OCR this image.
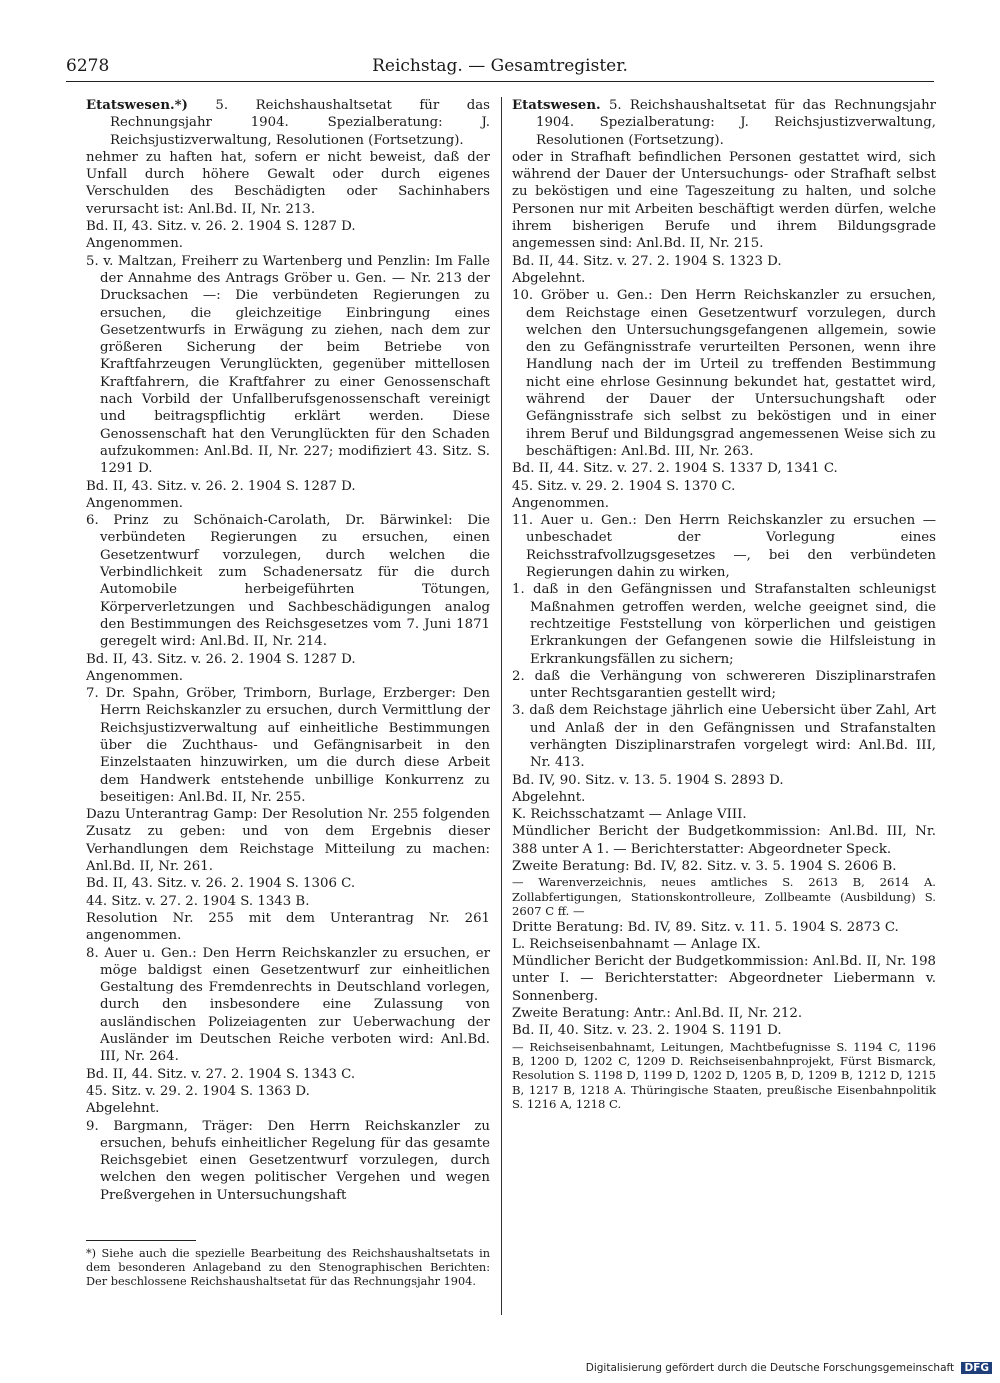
6278	Reichstag. — Gesamtregister.

Etatswesen.*) 5. Reichshaushaltsetat für das Rechnungsjahr 1904. Spezialberatung: J. Reichsjustizverwaltung, Resolutionen (Fortsetzung).

nehmer zu haften hat, sofern er nicht beweist, daß der Unfall durch höhere Gewalt oder durch eigenes Verschulden des Beschädigten oder Sachinhabers verursacht ist: Anl.Bd. II, Nr. 213.

Bd. II, 43. Sitz. v. 26. 2. 1904 S. 1287 D.

Angenommen.

5. v. Maltzan, Freiherr zu Wartenberg und Penzlin: Im Falle der Annahme des Antrags Gröber u. Gen. — Nr. 213 der Drucksachen —: Die verbündeten Regierungen zu ersuchen, die gleichzeitige Einbringung eines Gesetzentwurfs in Erwägung zu ziehen, nach dem zur größeren Sicherung der beim Betriebe von Kraftfahrzeugen Verunglückten, gegenüber mittellosen Kraftfahrern, die Kraftfahrer zu einer Genossenschaft nach Vorbild der Unfallberufsgenossenschaft vereinigt und beitragspflichtig erklärt werden. Diese Genossenschaft hat den Verunglückten für den Schaden aufzukommen: Anl.Bd. II, Nr. 227; modifiziert 43. Sitz. S. 1291 D.

Bd. II, 43. Sitz. v. 26. 2. 1904 S. 1287 D.

Angenommen.

6. Prinz zu Schönaich-Carolath, Dr. Bärwinkel: Die verbündeten Regierungen zu ersuchen, einen Gesetzentwurf vorzulegen, durch welchen die Verbindlichkeit zum Schadenersatz für die durch Automobile herbeigeführten Tötungen, Körperverletzungen und Sachbeschädigungen analog den Bestimmungen des Reichsgesetzes vom 7. Juni 1871 geregelt wird: Anl.Bd. II, Nr. 214.

Bd. II, 43. Sitz. v. 26. 2. 1904 S. 1287 D.

Angenommen.

7. Dr. Spahn, Gröber, Trimborn, Burlage, Erzberger: Den Herrn Reichskanzler zu ersuchen, durch Vermittlung der Reichsjustizverwaltung auf einheitliche Bestimmungen über die Zuchthaus- und Gefängnisarbeit in den Einzelstaaten hinzuwirken, um die durch diese Arbeit dem Handwerk entstehende unbillige Konkurrenz zu beseitigen: Anl.Bd. II, Nr. 255.

Dazu Unterantrag Gamp: Der Resolution Nr. 255 folgenden Zusatz zu geben: und von dem Ergebnis dieser Verhandlungen dem Reichstage Mitteilung zu machen: Anl.Bd. II, Nr. 261.

Bd. II, 43. Sitz. v. 26. 2. 1904 S. 1306 C.

44. Sitz. v. 27. 2. 1904 S. 1343 B.

Resolution Nr. 255 mit dem Unterantrag Nr. 261 angenommen.

8. Auer u. Gen.: Den Herrn Reichskanzler zu ersuchen, er möge baldigst einen Gesetzentwurf zur einheitlichen Gestaltung des Fremdenrechts in Deutschland vorlegen, durch den insbesondere eine Zulassung von ausländischen Polizeiagenten zur Ueberwachung der Ausländer im Deutschen Reiche verboten wird: Anl.Bd. III, Nr. 264.

Bd. II, 44. Sitz. v. 27. 2. 1904 S. 1343 C.

45. Sitz. v. 29. 2. 1904 S. 1363 D.

Abgelehnt.

9. Bargmann, Träger: Den Herrn Reichskanzler zu ersuchen, behufs einheitlicher Regelung für das gesamte Reichsgebiet einen Gesetzentwurf vorzulegen, durch welchen den wegen politischer Vergehen und wegen Preßvergehen in Untersuchungshaft

Etatswesen. 5. Reichshaushaltsetat für das Rechnungsjahr 1904. Spezialberatung: J. Reichsjustizverwaltung, Resolutionen (Fortsetzung).

oder in Strafhaft befindlichen Personen gestattet wird, sich während der Dauer der Untersuchungs- oder Strafhaft selbst zu beköstigen und eine Tageszeitung zu halten, und solche Personen nur mit Arbeiten beschäftigt werden dürfen, welche ihrem bisherigen Berufe und ihrem Bildungsgrade angemessen sind: Anl.Bd. II, Nr. 215.

Bd. II, 44. Sitz. v. 27. 2. 1904 S. 1323 D.

Abgelehnt.

10. Gröber u. Gen.: Den Herrn Reichskanzler zu ersuchen, dem Reichstage einen Gesetzentwurf vorzulegen, durch welchen den Untersuchungsgefangenen allgemein, sowie den zu Gefängnisstrafe verurteilten Personen, wenn ihre Handlung nach der im Urteil zu treffenden Bestimmung nicht eine ehrlose Gesinnung bekundet hat, gestattet wird, während der Dauer der Untersuchungshaft oder Gefängnisstrafe sich selbst zu beköstigen und in einer ihrem Beruf und Bildungsgrad angemessenen Weise sich zu beschäftigen: Anl.Bd. III, Nr. 263.

Bd. II, 44. Sitz. v. 27. 2. 1904 S. 1337 D, 1341 C.

45. Sitz. v. 29. 2. 1904 S. 1370 C.

Angenommen.

11. Auer u. Gen.: Den Herrn Reichskanzler zu ersuchen — unbeschadet der Vorlegung eines Reichsstrafvollzugsgesetzes —, bei den verbündeten Regierungen dahin zu wirken,

1. daß in den Gefängnissen und Strafanstalten schleunigst Maßnahmen getroffen werden, welche geeignet sind, die rechtzeitige Feststellung von körperlichen und geistigen Erkrankungen der Gefangenen sowie die Hilfsleistung in Erkrankungsfällen zu sichern;

2. daß die Verhängung von schwereren Disziplinarstrafen unter Rechtsgarantien gestellt wird;

3. daß dem Reichstage jährlich eine Uebersicht über Zahl, Art und Anlaß der in den Gefängnissen und Strafanstalten verhängten Disziplinarstrafen vorgelegt wird: Anl.Bd. III, Nr. 413.

Bd. IV, 90. Sitz. v. 13. 5. 1904 S. 2893 D.

Abgelehnt.

K. Reichsschatzamt — Anlage VIII.

Mündlicher Bericht der Budgetkommission: Anl.Bd. III, Nr. 388 unter A 1. — Berichterstatter: Abgeordneter Speck.

Zweite Beratung: Bd. IV, 82. Sitz. v. 3. 5. 1904 S. 2606 B.

— Warenverzeichnis, neues amtliches S. 2613 B, 2614 A. Zollabfertigungen, Stationskontrolleure, Zollbeamte (Ausbildung) S. 2607 C ff. —

Dritte Beratung: Bd. IV, 89. Sitz. v. 11. 5. 1904 S. 2873 C.

L. Reichseisenbahnamt — Anlage IX.

Mündlicher Bericht der Budgetkommission: Anl.Bd. II, Nr. 198 unter I. — Berichterstatter: Abgeordneter Liebermann v. Sonnenberg.

Zweite Beratung: Antr.: Anl.Bd. II, Nr. 212.

Bd. II, 40. Sitz. v. 23. 2. 1904 S. 1191 D.

— Reichseisenbahnamt, Leitungen, Machtbefugnisse S. 1194 C, 1196 B, 1200 D, 1202 C, 1209 D. Reichseisenbahnprojekt, Fürst Bismarck, Resolution S. 1198 D, 1199 D, 1202 D, 1205 B, D, 1209 B, 1212 D, 1215 B, 1217 B, 1218 A. Thüringische Staaten, preußische Eisenbahnpolitik S. 1216 A, 1218 C.

*) Siehe auch die spezielle Bearbeitung des Reichshaushaltsetats in dem besonderen Anlageband zu den Stenographischen Berichten: Der beschlossene Reichshaushaltsetat für das Rechnungsjahr 1904.

Digitalisierung gefördert durch die Deutsche Forschungsgemeinschaft DFG
